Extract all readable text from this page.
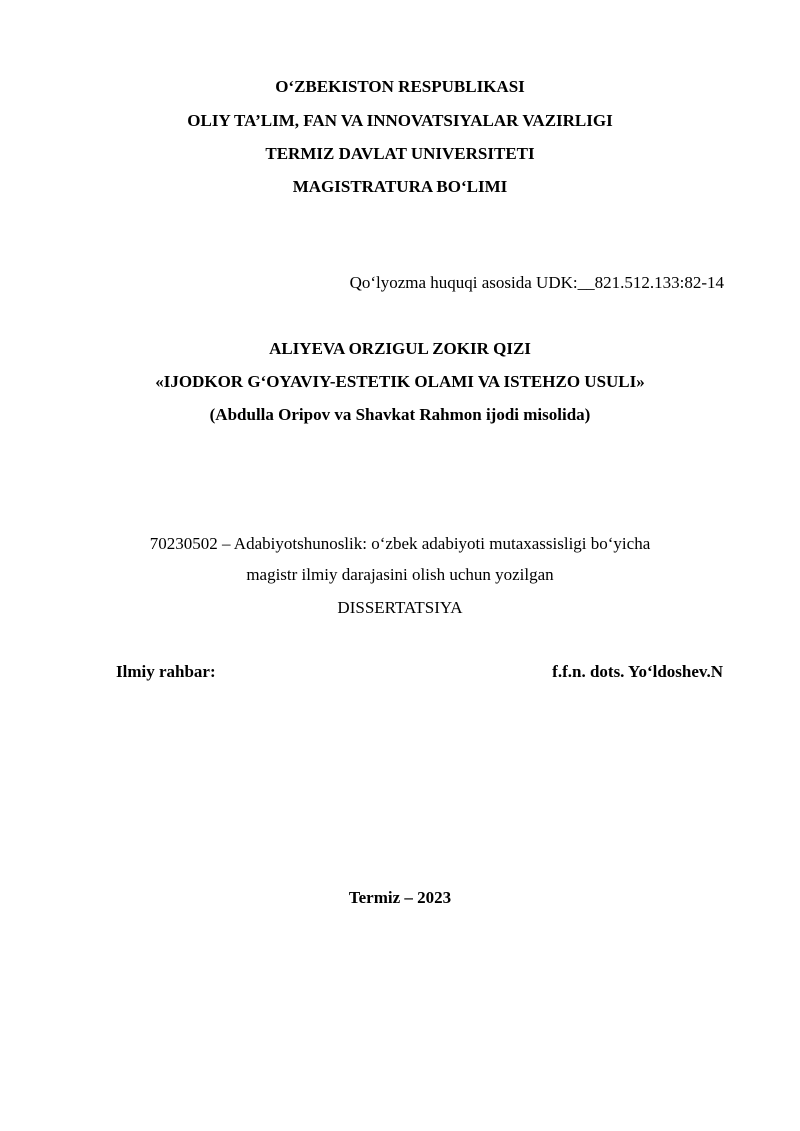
O‘ZBEKISTON RESPUBLIKASI
OLIY TA’LIM, FAN VA INNOVATSIYALAR VAZIRLIGI
TERMIZ DAVLAT UNIVERSITETI
MAGISTRATURA BO‘LIMI
Qo‘lyozma huquqi asosida UDK:__821.512.133:82-14
ALIYEVA ORZIGUL ZOKIR QIZI
«IJODKOR G‘OYAVIY-ESTETIK OLAMI VA ISTEHZO USULI»
(Abdulla Oripov va Shavkat Rahmon ijodi misolida)
70230502 – Adabiyotshunoslik: o‘zbek adabiyoti mutaxassisligi bo‘yicha
magistr ilmiy darajasini olish uchun yozilgan
DISSERTATSIYA
Ilmiy rahbar:	f.f.n. dots. Yo‘ldoshev.N
Termiz – 2023
